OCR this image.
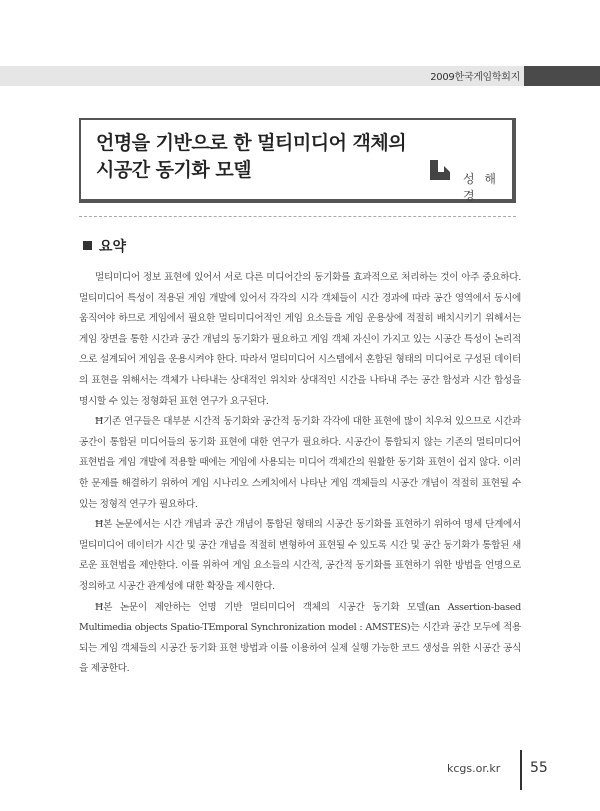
2009한국게임학회지
언명을 기반으로 한 멀티미디어 객체의
시공간 동기화 모델	성 해 경
요약

멀티미디어 정보 표현에 있어서 서로 다른 미디어간의 동기화를 효과적으로 처리하는 것이 아주 중요하다. 멀티미디어 특성이 적용된 게임 개발에 있어서 각각의 시각 객체들이 시간 경과에 따라 공간 영역에서 동시에 움직여야 하므로 게임에서 필요한 멀티미디어적인 게임 요소들을 게임 운용상에 적절히 배치시키기 위해서는 게임 장면을 통한 시간과 공간 개념의 동기화가 필요하고 게임 객체 자신이 가지고 있는 시공간 특성이 논리적으로 설계되어 게임을 운용시켜야 한다. 따라서 멀티미디어 시스템에서 혼합된 형태의 미디어로 구성된 데이터의 표현을 위해서는 객체가 나타내는 상대적인 위치와 상대적인 시간을 나타내 주는 공간 합성과 시간 합성을 명시할 수 있는 정형화된 표현 연구가 요구된다.

Ħ기존 연구들은 대부분 시간적 동기화와 공간적 동기화 각각에 대한 표현에 많이 치우쳐 있으므로 시간과 공간이 통합된 미디어들의 동기화 표현에 대한 연구가 필요하다. 시공간이 통합되지 않는 기존의 멀티미디어 표현법을 게임 개발에 적용할 때에는 게임에 사용되는 미디어 객체간의 원활한 동기화 표현이 쉽지 않다. 이러한 문제를 해결하기 위하여 게임 시나리오 스케치에서 나타난 게임 객체들의 시공간 개념이 적절히 표현될 수 있는 정형적 연구가 필요하다.

Ħ본 논문에서는 시간 개념과 공간 개념이 통합된 형태의 시공간 동기화를 표현하기 위하여 명세 단계에서 멀티미디어 데이터가 시간 및 공간 개념을 적절히 변형하여 표현될 수 있도록 시간 및 공간 동기화가 통합된 새로운 표현법을 제안한다. 이를 위하여 게임 요소들의 시간적, 공간적 동기화를 표현하기 위한 방법을 언명으로 정의하고 시공간 관계성에 대한 확장을 제시한다.

Ħ본 논문이 제안하는 언명 기반 멀티미디어 객체의 시공간 동기화 모델(an Assertion-based Multimedia objects Spatio-TEmporal Synchronization model : AMSTES)는 시간과 공간 모두에 적용되는 게임 객체들의 시공간 동기화 표현 방법과 이를 이용하여 실제 실행 가능한 코드 생성을 위한 시공간 공식을 제공한다.

kcgs.or.kr 55
